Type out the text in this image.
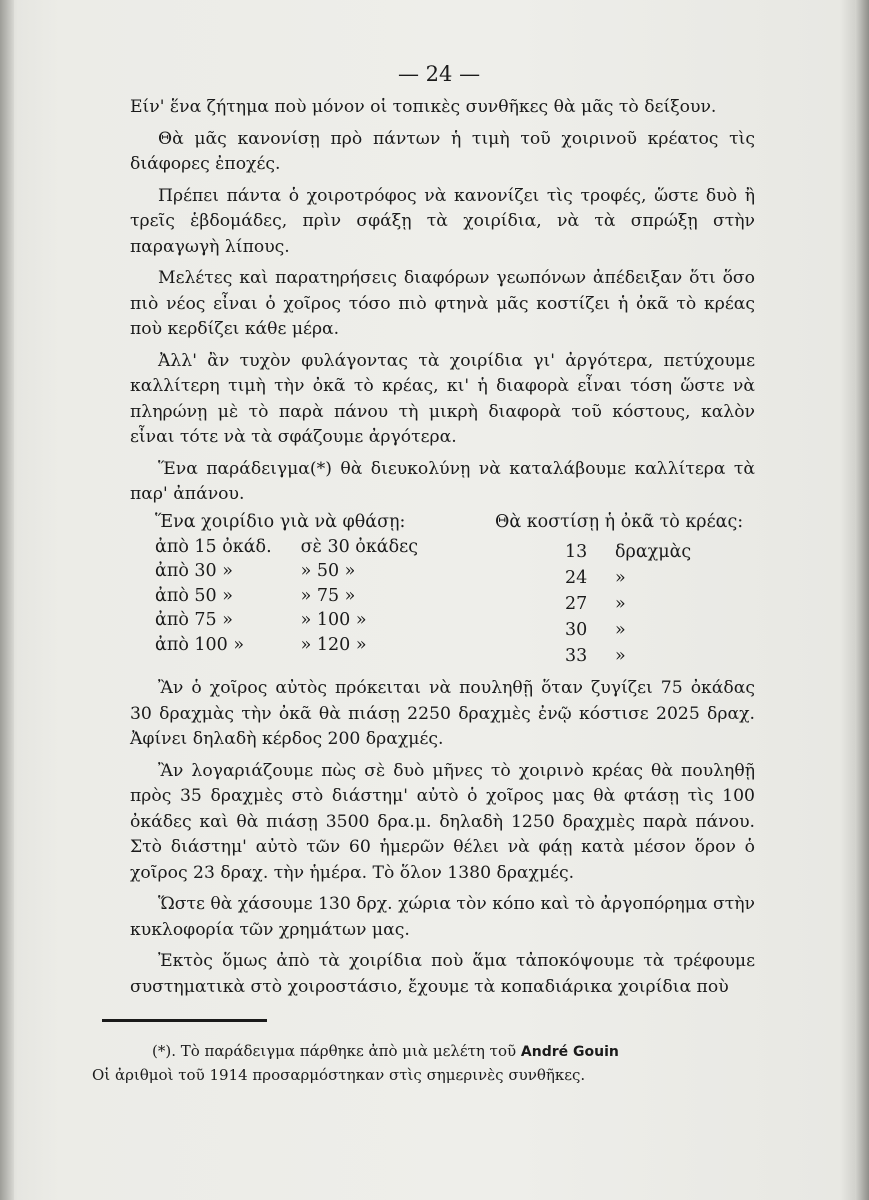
— 24 —

Είν' ἕνα ζήτημα ποὺ μόνον οἱ τοπικὲς συνθῆκες θὰ μᾶς τὸ δείξουν.

Θὰ μᾶς κανονίσῃ πρὸ πάντων ἡ τιμὴ τοῦ χοιρινοῦ κρέατος τὶς διάφορες ἐποχές.

Πρέπει πάντα ὁ χοιροτρόφος νὰ κανονίζει τὶς τροφές, ὥστε δυὸ ἢ τρεῖς ἑβδομάδες, πρὶν σφάξῃ τὰ χοιρίδια, νὰ τὰ σπρώξῃ στὴν παραγωγὴ λίπους.

Μελέτες καὶ παρατηρήσεις διαφόρων γεωπόνων ἀπέδειξαν ὅτι ὅσο πιὸ νέος εἶναι ὁ χοῖρος τόσο πιὸ φτηνὰ μᾶς κοστίζει ἡ ὀκᾶ τὸ κρέας ποὺ κερδίζει κάθε μέρα.

Ἀλλ' ἂν τυχὸν φυλάγοντας τὰ χοιρίδια γι' ἀργότερα, πετύχουμε καλλίτερη τιμὴ τὴν ὀκᾶ τὸ κρέας, κι' ἡ διαφορὰ εἶναι τόση ὥστε νὰ πληρώνῃ μὲ τὸ παρὰ πάνου τὴ μικρὴ διαφορὰ τοῦ κόστους, καλὸν εἶναι τότε νὰ τὰ σφάζουμε ἀργότερα.

Ἕνα παράδειγμα(*) θὰ διευκολύνῃ νὰ καταλάβουμε καλλίτερα τὰ παρ' ἀπάνου.

Ἕνα χοιρίδιο γιὰ νὰ φθάσῃ:
ἀπὸ 15 ὀκάδ. σὲ 30 ὀκάδες
ἀπὸ 30 »	» 50 »
ἀπὸ 50 »	» 75 »
ἀπὸ 75 »	» 100 »
ἀπὸ 100 »	» 120 »
Θὰ κοστίσῃ ἡ ὀκᾶ τὸ κρέας:
13 δραχμὰς
24 »
27 »
30 »
33 »

Ἂν ὁ χοῖρος αὐτὸς πρόκειται νὰ πουληθῇ ὅταν ζυγίζει 75 ὀκάδας 30 δραχμὰς τὴν ὀκᾶ θὰ πιάσῃ 2250 δραχμὲς ἐνῷ κόστισε 2025 δραχ. Ἀφίνει δηλαδὴ κέρδος 200 δραχμές.

Ἂν λογαριάζουμε πὼς σὲ δυὸ μῆνες τὸ χοιρινὸ κρέας θὰ πουληθῇ πρὸς 35 δραχμὲς στὸ διάστημ' αὐτὸ ὁ χοῖρος μας θὰ φτάσῃ τὶς 100 ὀκάδες καὶ θὰ πιάσῃ 3500 δρα.μ. δηλαδὴ 1250 δραχμὲς παρὰ πάνου. Στὸ διάστημ' αὐτὸ τῶν 60 ἡμερῶν θέλει νὰ φάῃ κατὰ μέσον ὅρον ὁ χοῖρος 23 δραχ. τὴν ἡμέρα. Τὸ ὅλον 1380 δραχμές.

Ὥστε θὰ χάσουμε 130 δρχ. χώρια τὸν κόπο καὶ τὸ ἀργοπόρημα στὴν κυκλοφορία τῶν χρημάτων μας.

Ἐκτὸς ὅμως ἀπὸ τὰ χοιρίδια ποὺ ἅμα τἀποκόψουμε τὰ τρέφουμε συστηματικὰ στὸ χοιροστάσιο, ἔχουμε τὰ κοπαδιάρικα χοιρίδια ποὺ

(*). Τὸ παράδειγμα πάρθηκε ἀπὸ μιὰ μελέτη τοῦ André Gouin

Οἱ ἀριθμοὶ τοῦ 1914 προσαρμόστηκαν στὶς σημερινὲς συνθῆκες.
